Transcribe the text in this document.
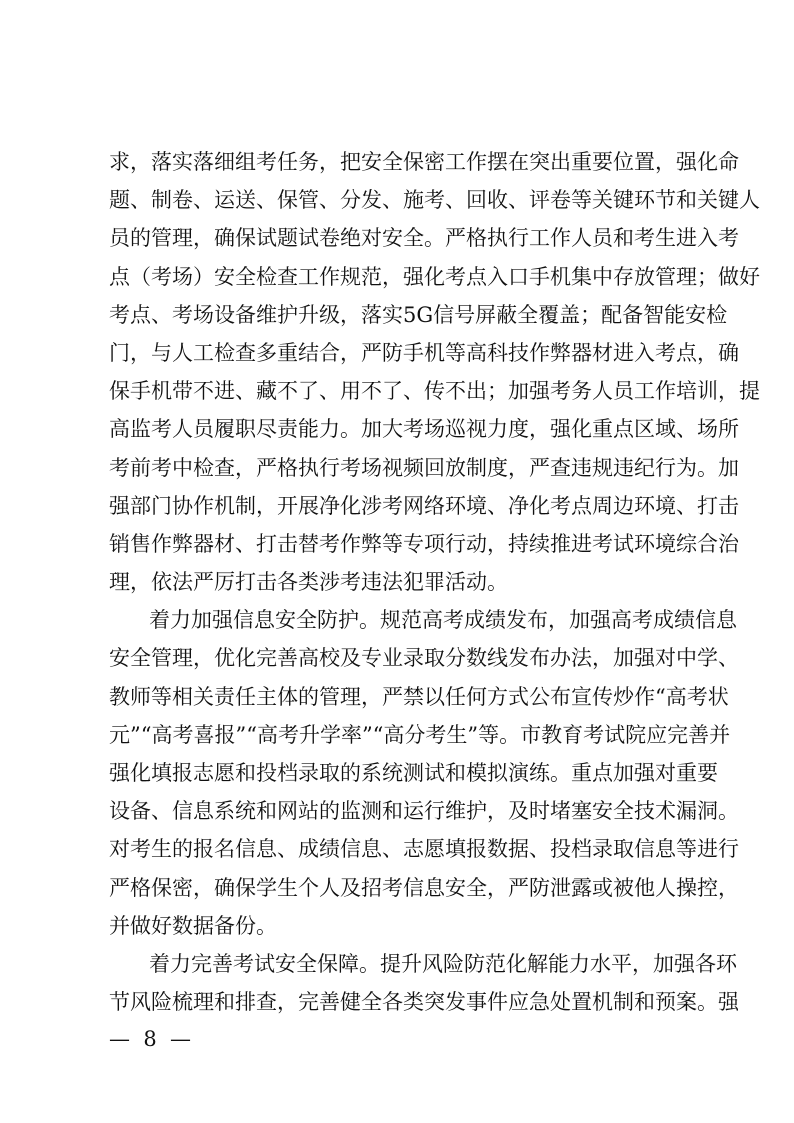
求，落实落细组考任务，把安全保密工作摆在突出重要位置，强化命
题、制卷、运送、保管、分发、施考、回收、评卷等关键环节和关键人
员的管理，确保试题试卷绝对安全。严格执行工作人员和考生进入考
点（考场）安全检查工作规范，强化考点入口手机集中存放管理；做好
考点、考场设备维护升级，落实5G信号屏蔽全覆盖；配备智能安检
门，与人工检查多重结合，严防手机等高科技作弊器材进入考点，确
保手机带不进、藏不了、用不了、传不出；加强考务人员工作培训，提
高监考人员履职尽责能力。加大考场巡视力度，强化重点区域、场所
考前考中检查，严格执行考场视频回放制度，严查违规违纪行为。加
强部门协作机制，开展净化涉考网络环境、净化考点周边环境、打击
销售作弊器材、打击替考作弊等专项行动，持续推进考试环境综合治
理，依法严厉打击各类涉考违法犯罪活动。
着力加强信息安全防护。规范高考成绩发布，加强高考成绩信息
安全管理，优化完善高校及专业录取分数线发布办法，加强对中学、
教师等相关责任主体的管理，严禁以任何方式公布宣传炒作“高考状
元”“高考喜报”“高考升学率”“高分考生”等。市教育考试院应完善并
强化填报志愿和投档录取的系统测试和模拟演练。重点加强对重要
设备、信息系统和网站的监测和运行维护，及时堵塞安全技术漏洞。
对考生的报名信息、成绩信息、志愿填报数据、投档录取信息等进行
严格保密，确保学生个人及招考信息安全，严防泄露或被他人操控，
并做好数据备份。
着力完善考试安全保障。提升风险防范化解能力水平，加强各环
节风险梳理和排查，完善健全各类突发事件应急处置机制和预案。强
—  8  —
